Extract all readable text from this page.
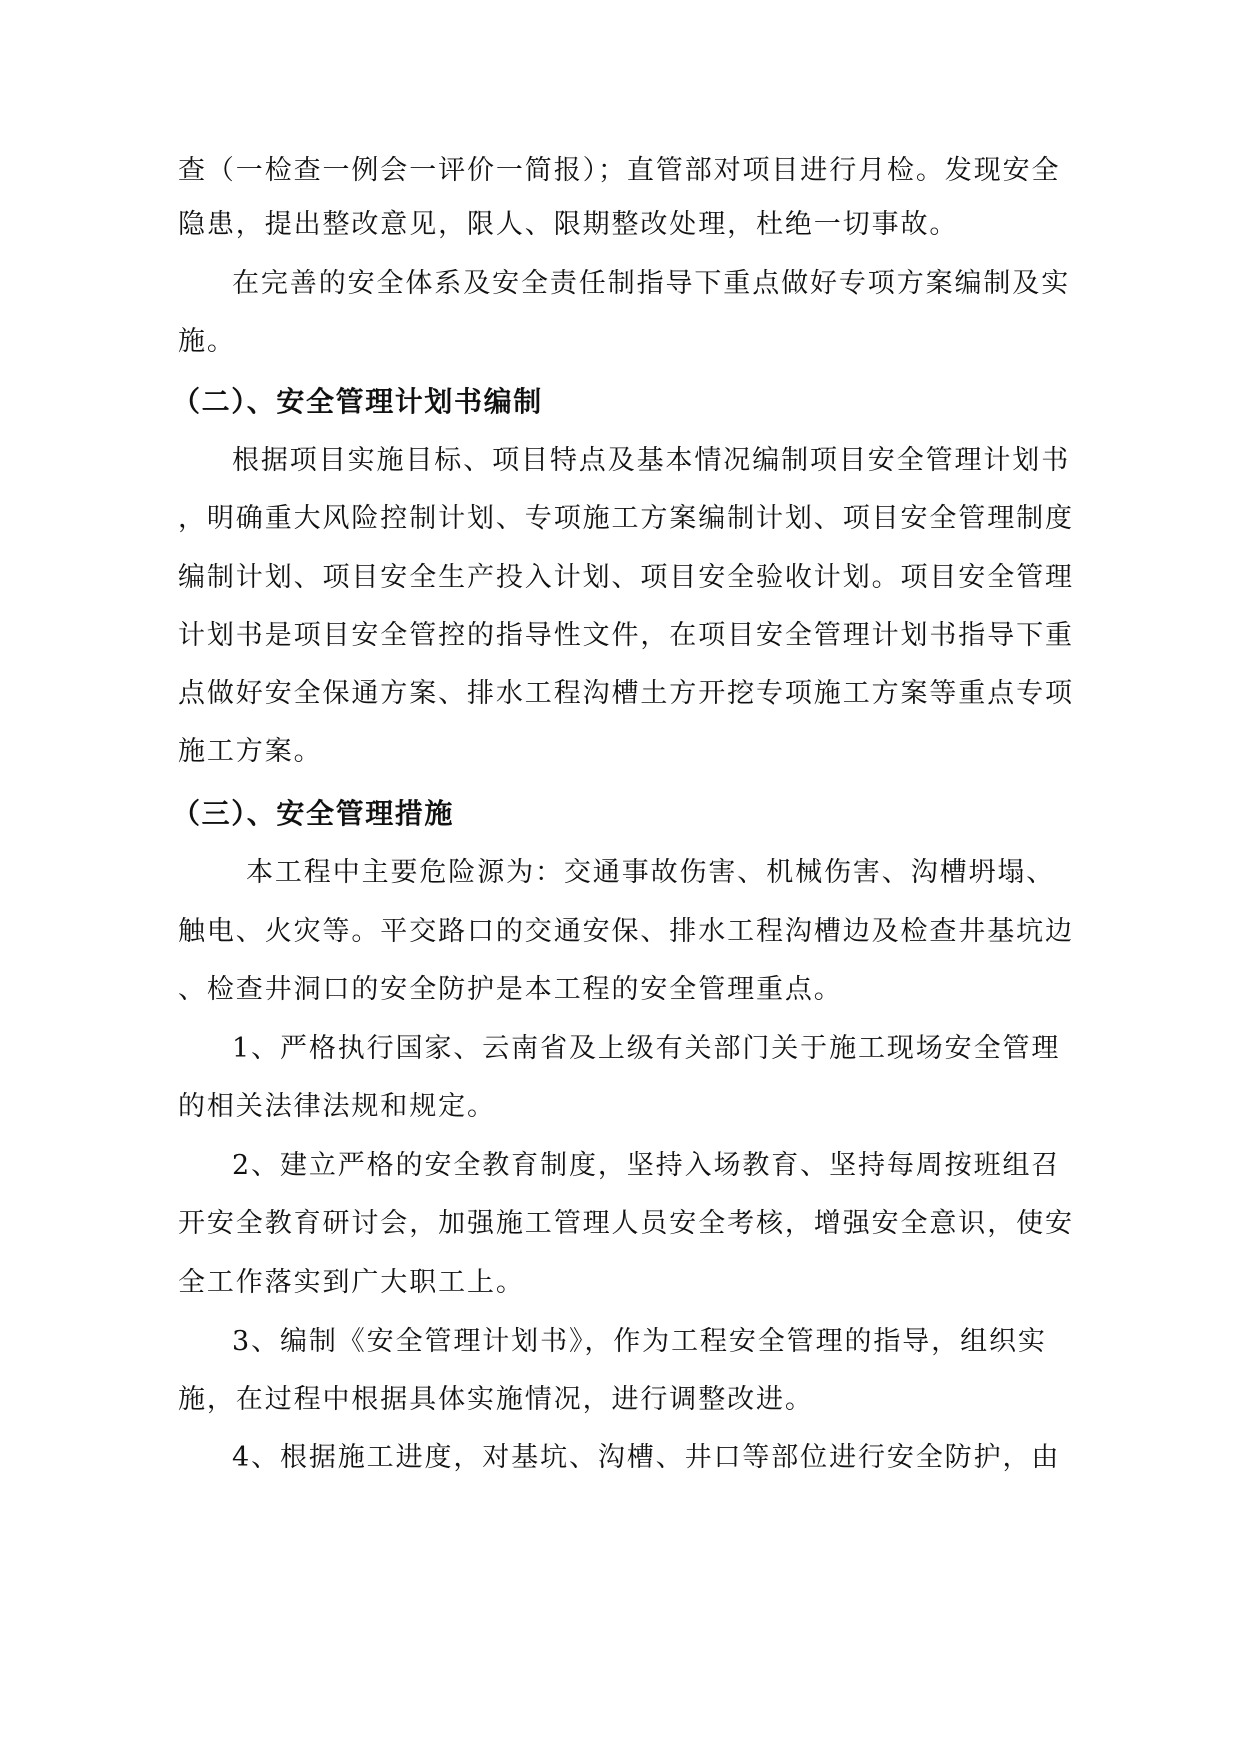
查（一检查一例会一评价一简报）；直管部对项目进行月检。发现安全
隐患，提出整改意见，限人、限期整改处理，杜绝一切事故。
在完善的安全体系及安全责任制指导下重点做好专项方案编制及实
施。
（二）、安全管理计划书编制
根据项目实施目标、项目特点及基本情况编制项目安全管理计划书
，明确重大风险控制计划、专项施工方案编制计划、项目安全管理制度
编制计划、项目安全生产投入计划、项目安全验收计划。项目安全管理
计划书是项目安全管控的指导性文件，在项目安全管理计划书指导下重
点做好安全保通方案、排水工程沟槽土方开挖专项施工方案等重点专项
施工方案。
（三）、安全管理措施
本工程中主要危险源为：交通事故伤害、机械伤害、沟槽坍塌、
触电、火灾等。平交路口的交通安保、排水工程沟槽边及检查井基坑边
、检查井洞口的安全防护是本工程的安全管理重点。
1、严格执行国家、云南省及上级有关部门关于施工现场安全管理
的相关法律法规和规定。
2、建立严格的安全教育制度，坚持入场教育、坚持每周按班组召
开安全教育研讨会，加强施工管理人员安全考核，增强安全意识，使安
全工作落实到广大职工上。
3、编制《安全管理计划书》，作为工程安全管理的指导，组织实
施，在过程中根据具体实施情况，进行调整改进。
4、根据施工进度，对基坑、沟槽、井口等部位进行安全防护，由
